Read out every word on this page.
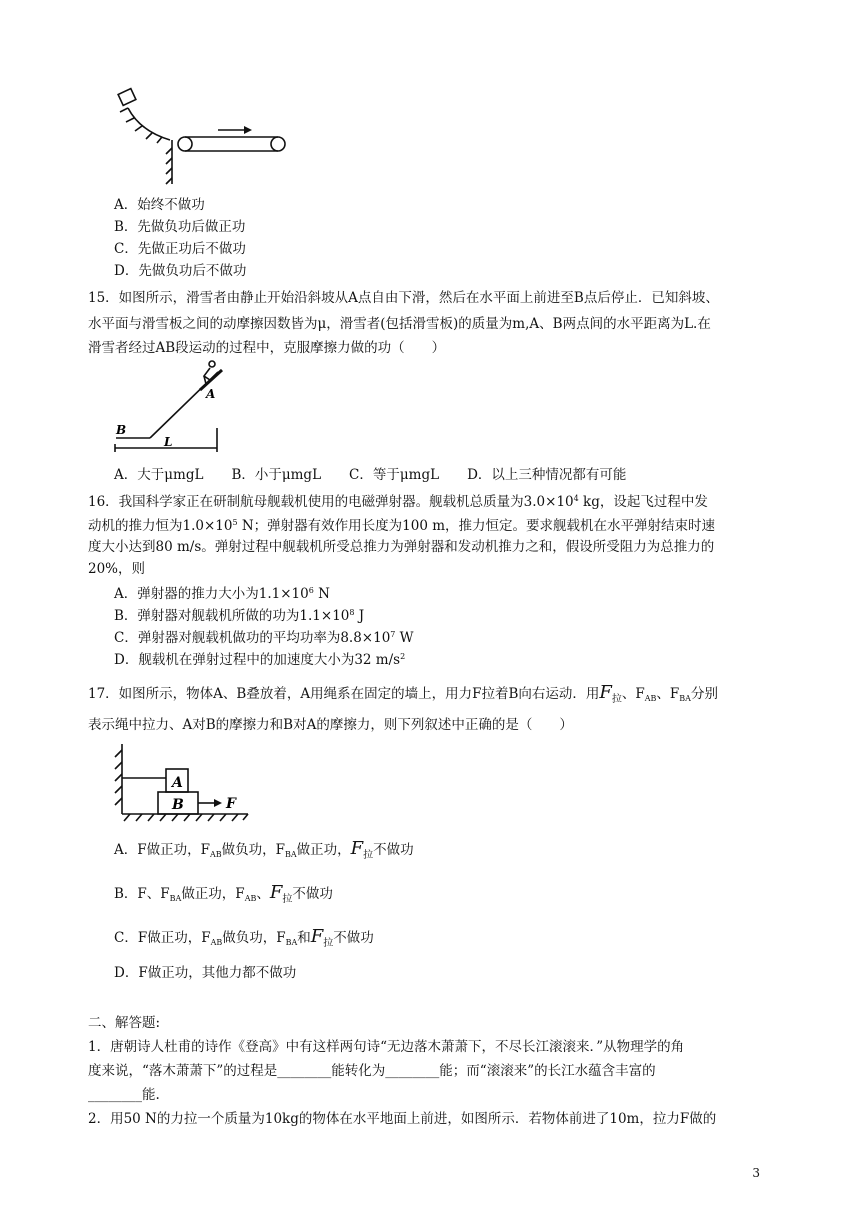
A．始终不做功
B．先做负功后做正功
C．先做正功后不做功
D．先做负功后不做功
15．如图所示，滑雪者由静止开始沿斜坡从A点自由下滑，然后在水平面上前进至B点后停止．已知斜坡、
水平面与滑雪板之间的动摩擦因数皆为μ，滑雪者(包括滑雪板)的质量为m,A、B两点间的水平距离为L.在
滑雪者经过AB段运动的过程中，克服摩擦力做的功（　　）
A
B
L
A．大于μmgL B．小于μmgL C．等于μmgL D．以上三种情况都有可能
16．我国科学家正在研制航母舰载机使用的电磁弹射器。舰载机总质量为$3.0\times 10^4$ kg，设起飞过程中发
动机的推力恒为$1.0\times 10^5$ N；弹射器有效作用长度为100 m，推力恒定。要求舰载机在水平弹射结束时速
度大小达到80 m/s。弹射过程中舰载机所受总推力为弹射器和发动机推力之和，假设所受阻力为总推力的
20%，则
A．弹射器的推力大小为$1.1\times 10^6$ N
B．弹射器对舰载机所做的功为$1.1\times 10^8$ J
C．弹射器对舰载机做功的平均功率为$8.8\times 10^7$ W
D．舰载机在弹射过程中的加速度大小为32 $m/s^2$
17．如图所示，物体A、B叠放着，A用绳系在固定的墙上，用力F拉着B向右运动．用$F_拉$、$F_{AB}$、$F_{BA}$分别
表示绳中拉力、A对B的摩擦力和B对A的摩擦力，则下列叙述中正确的是（　　）
A
B	F
A．F做正功，$F_{AB}$做负功，$F_{BA}$做正功，$F_拉$不做功
B．F、$F_{BA}$做正功，$F_{AB}$、$F_拉$不做功
C．F做正功，$F_{AB}$做负功，$F_{BA}$和$F_拉$不做功
D．F做正功，其他力都不做功
二、解答题:
1．唐朝诗人杜甫的诗作《登高》中有这样两句诗“无边落木萧萧下，不尽长江滚滚来．”从物理学的角
度来说，“落木萧萧下”的过程是________能转化为________能；而“滚滚来”的长江水蕴含丰富的
________能.
2．用50 N的力拉一个质量为10kg的物体在水平地面上前进，如图所示．若物体前进了10m，拉力F做的
3
